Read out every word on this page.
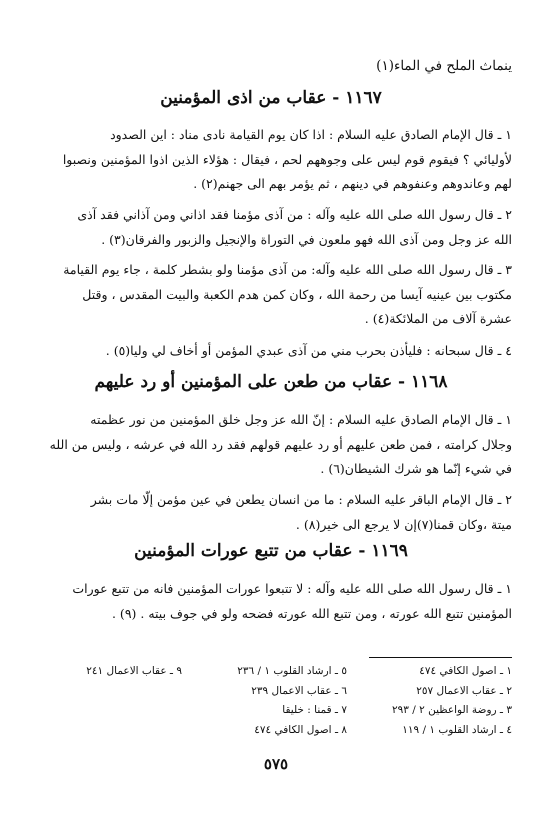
ينماث الملح في الماء(١)
١١٦٧ - عقاب من اذى المؤمنين
١ ـ قال الإمام الصادق عليه السلام : اذا كان يوم القيامة نادى مناد : اين الصدود
لأوليائي ؟ فيقوم قوم ليس على وجوههم لحم ، فيقال : هؤلاء الذين اذوا المؤمنين ونصبوا
لهم وعاندوهم وعنفوهم في دينهم ، ثم يؤمر بهم الى جهنم(٢) .
٢ ـ قال رسول الله صلى الله عليه وآله : من آذى مؤمنا فقد اذاني ومن آذاني فقد آذى
الله عز وجل ومن آذى الله فهو ملعون في التوراة والإنجيل والزبور والفرقان(٣) .
٣ ـ قال رسول الله صلى الله عليه وآله: من آذى مؤمنا ولو بشطر كلمة ، جاء يوم القيامة
مكتوب بين عينيه آيسا من رحمة الله ، وكان كمن هدم الكعبة والبيت المقدس ، وقتل
عشرة آلاف من الملائكة(٤) .
٤ ـ قال سبحانه : فليأذن بحرب مني من آذى عبدي المؤمن أو أخاف لي وليا(٥) .
١١٦٨ - عقاب من طعن على المؤمنين أو رد عليهم
١ ـ قال الإمام الصادق عليه السلام : إنّ الله عز وجل خلق المؤمنين من نور عظمته
وجلال كرامته ، فمن طعن عليهم أو رد عليهم قولهم فقد رد الله في عرشه ، وليس من الله
في شيء إنّما هو شرك الشيطان(٦) .
٢ ـ قال الإمام الباقر عليه السلام : ما من انسان يطعن في عين مؤمن إلّا مات بشر
ميتة ،وكان قمنا(٧)إن لا يرجع الى خير(٨) .
١١٦٩ - عقاب من تتبع عورات المؤمنين
١ ـ قال رسول الله صلى الله عليه وآله : لا تتبعوا عورات المؤمنين فانه من تتبع عورات
المؤمنين تتبع الله عورته ، ومن تتبع الله عورته فضحه ولو في جوف بيته . (٩) .
١ ـ اصول الكافي ٤٧٤
٢ ـ عقاب الاعمال ٢٥٧
٣ ـ روضة الواعظين ٢ / ٢٩٣
٤ ـ ارشاد القلوب ١ / ١١٩
٥ ـ ارشاد القلوب ١ / ٢٣٦
٦ ـ عقاب الاعمال ٢٣٩
٧ ـ قمنا : خليقا
٨ ـ اصول الكافي ٤٧٤
٩ ـ عقاب الاعمال ٢٤١
٥٧٥
